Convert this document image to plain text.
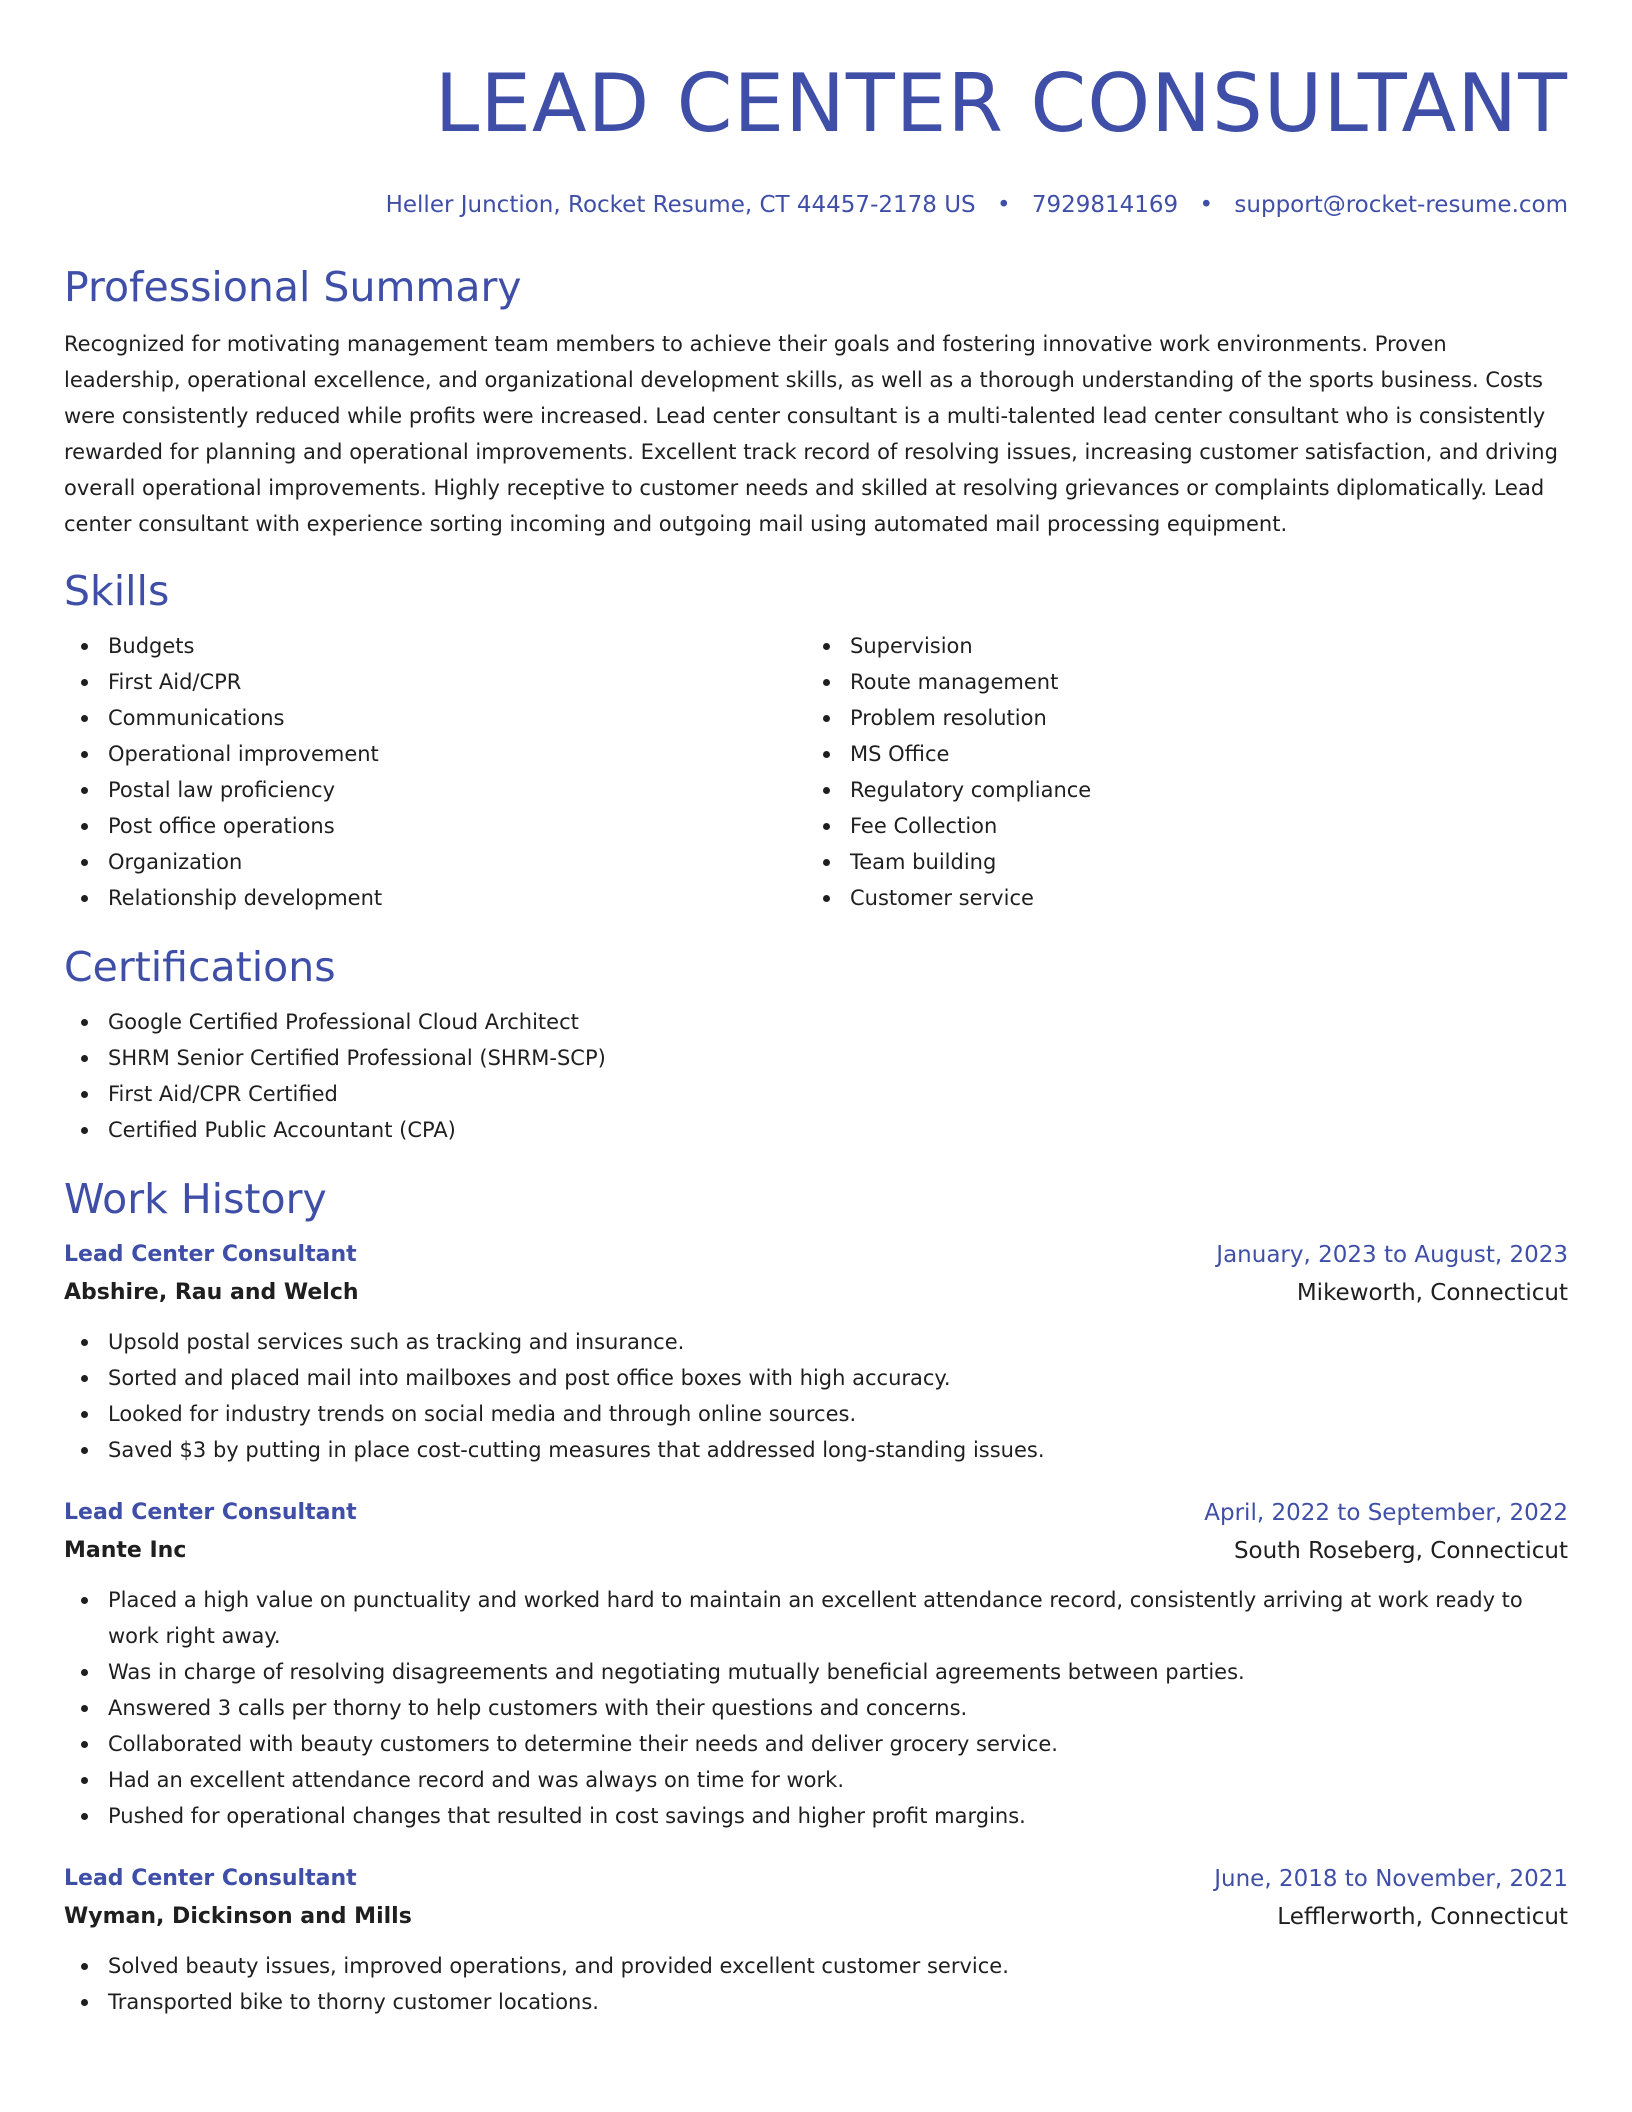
LEAD CENTER CONSULTANT
Heller Junction, Rocket Resume, CT 44457-2178 US • 7929814169 • support@rocket-resume.com
Professional Summary
Recognized for motivating management team members to achieve their goals and fostering innovative work environments. Proven leadership, operational excellence, and organizational development skills, as well as a thorough understanding of the sports business. Costs were consistently reduced while profits were increased. Lead center consultant is a multi-talented lead center consultant who is consistently rewarded for planning and operational improvements. Excellent track record of resolving issues, increasing customer satisfaction, and driving overall operational improvements. Highly receptive to customer needs and skilled at resolving grievances or complaints diplomatically. Lead center consultant with experience sorting incoming and outgoing mail using automated mail processing equipment.
Skills
Budgets
First Aid/CPR
Communications
Operational improvement
Postal law proficiency
Post office operations
Organization
Relationship development
Supervision
Route management
Problem resolution
MS Office
Regulatory compliance
Fee Collection
Team building
Customer service
Certifications
Google Certified Professional Cloud Architect
SHRM Senior Certified Professional (SHRM-SCP)
First Aid/CPR Certified
Certified Public Accountant (CPA)
Work History
Lead Center Consultant	January, 2023 to August, 2023
Abshire, Rau and Welch	Mikeworth, Connecticut
Upsold postal services such as tracking and insurance.
Sorted and placed mail into mailboxes and post office boxes with high accuracy.
Looked for industry trends on social media and through online sources.
Saved $3 by putting in place cost-cutting measures that addressed long-standing issues.
Lead Center Consultant	April, 2022 to September, 2022
Mante Inc	South Roseberg, Connecticut
Placed a high value on punctuality and worked hard to maintain an excellent attendance record, consistently arriving at work ready to work right away.
Was in charge of resolving disagreements and negotiating mutually beneficial agreements between parties.
Answered 3 calls per thorny to help customers with their questions and concerns.
Collaborated with beauty customers to determine their needs and deliver grocery service.
Had an excellent attendance record and was always on time for work.
Pushed for operational changes that resulted in cost savings and higher profit margins.
Lead Center Consultant	June, 2018 to November, 2021
Wyman, Dickinson and Mills	Lefflerworth, Connecticut
Solved beauty issues, improved operations, and provided excellent customer service.
Transported bike to thorny customer locations.
